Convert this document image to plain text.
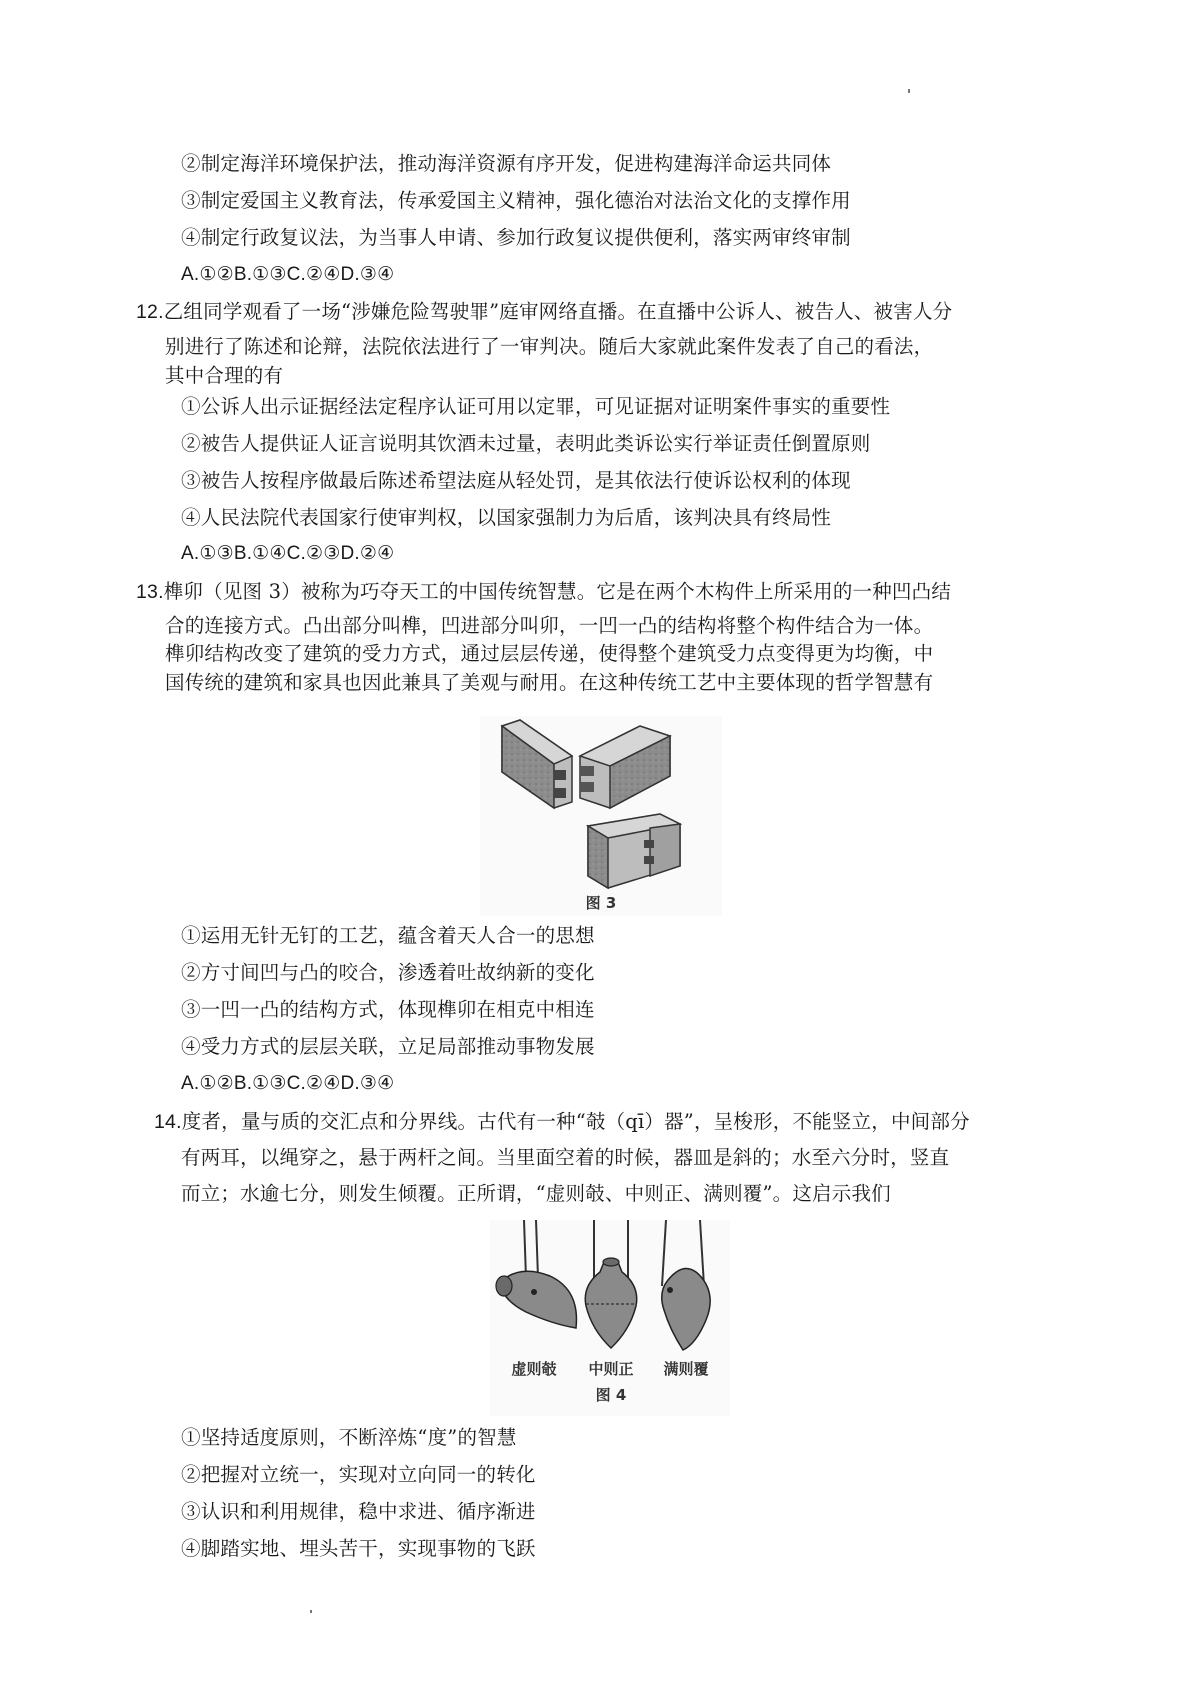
②制定海洋环境保护法，推动海洋资源有序开发，促进构建海洋命运共同体
③制定爱国主义教育法，传承爱国主义精神，强化德治对法治文化的支撑作用
④制定行政复议法，为当事人申请、参加行政复议提供便利，落实两审终审制
A.①②B.①③C.②④D.③④
12.乙组同学观看了一场“涉嫌危险驾驶罪”庭审网络直播。在直播中公诉人、被告人、被害人分
别进行了陈述和论辩，法院依法进行了一审判决。随后大家就此案件发表了自己的看法，
其中合理的有
①公诉人出示证据经法定程序认证可用以定罪，可见证据对证明案件事实的重要性
②被告人提供证人证言说明其饮酒未过量，表明此类诉讼实行举证责任倒置原则
③被告人按程序做最后陈述希望法庭从轻处罚，是其依法行使诉讼权利的体现
④人民法院代表国家行使审判权，以国家强制力为后盾，该判决具有终局性
A.①③B.①④C.②③D.②④
13.榫卯（见图 3）被称为巧夺天工的中国传统智慧。它是在两个木构件上所采用的一种凹凸结
合的连接方式。凸出部分叫榫，凹进部分叫卯，一凹一凸的结构将整个构件结合为一体。
榫卯结构改变了建筑的受力方式，通过层层传递，使得整个建筑受力点变得更为均衡，中
国传统的建筑和家具也因此兼具了美观与耐用。在这种传统工艺中主要体现的哲学智慧有
图 3
①运用无针无钉的工艺，蕴含着天人合一的思想
②方寸间凹与凸的咬合，渗透着吐故纳新的变化
③一凹一凸的结构方式，体现榫卯在相克中相连
④受力方式的层层关联，立足局部推动事物发展
A.①②B.①③C.②④D.③④
14.度者，量与质的交汇点和分界线。古代有一种“攲（qī）器”，呈梭形，不能竖立，中间部分
有两耳，以绳穿之，悬于两杆之间。当里面空着的时候，器皿是斜的；水至六分时，竖直
而立；水逾七分，则发生倾覆。正所谓，“虚则攲、中则正、满则覆”。这启示我们
虚则攲 中则正 满则覆
图 4
①坚持适度原则，不断淬炼“度”的智慧
②把握对立统一，实现对立向同一的转化
③认识和利用规律，稳中求进、循序渐进
④脚踏实地、埋头苦干，实现事物的飞跃
